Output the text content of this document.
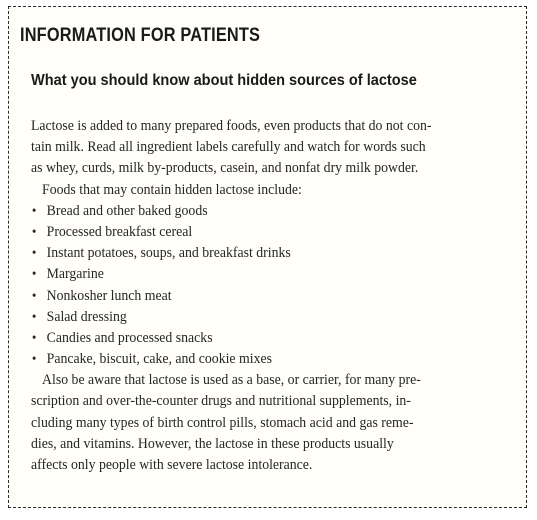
INFORMATION FOR PATIENTS
What you should know about hidden sources of lactose
Lactose is added to many prepared foods, even products that do not con-
tain milk. Read all ingredient labels carefully and watch for words such
as whey, curds, milk by-products, casein, and nonfat dry milk powder.
Foods that may contain hidden lactose include:
• Bread and other baked goods
• Processed breakfast cereal
• Instant potatoes, soups, and breakfast drinks
• Margarine
• Nonkosher lunch meat
• Salad dressing
• Candies and processed snacks
• Pancake, biscuit, cake, and cookie mixes
Also be aware that lactose is used as a base, or carrier, for many pre-
scription and over-the-counter drugs and nutritional supplements, in-
cluding many types of birth control pills, stomach acid and gas reme-
dies, and vitamins. However, the lactose in these products usually
affects only people with severe lactose intolerance.
